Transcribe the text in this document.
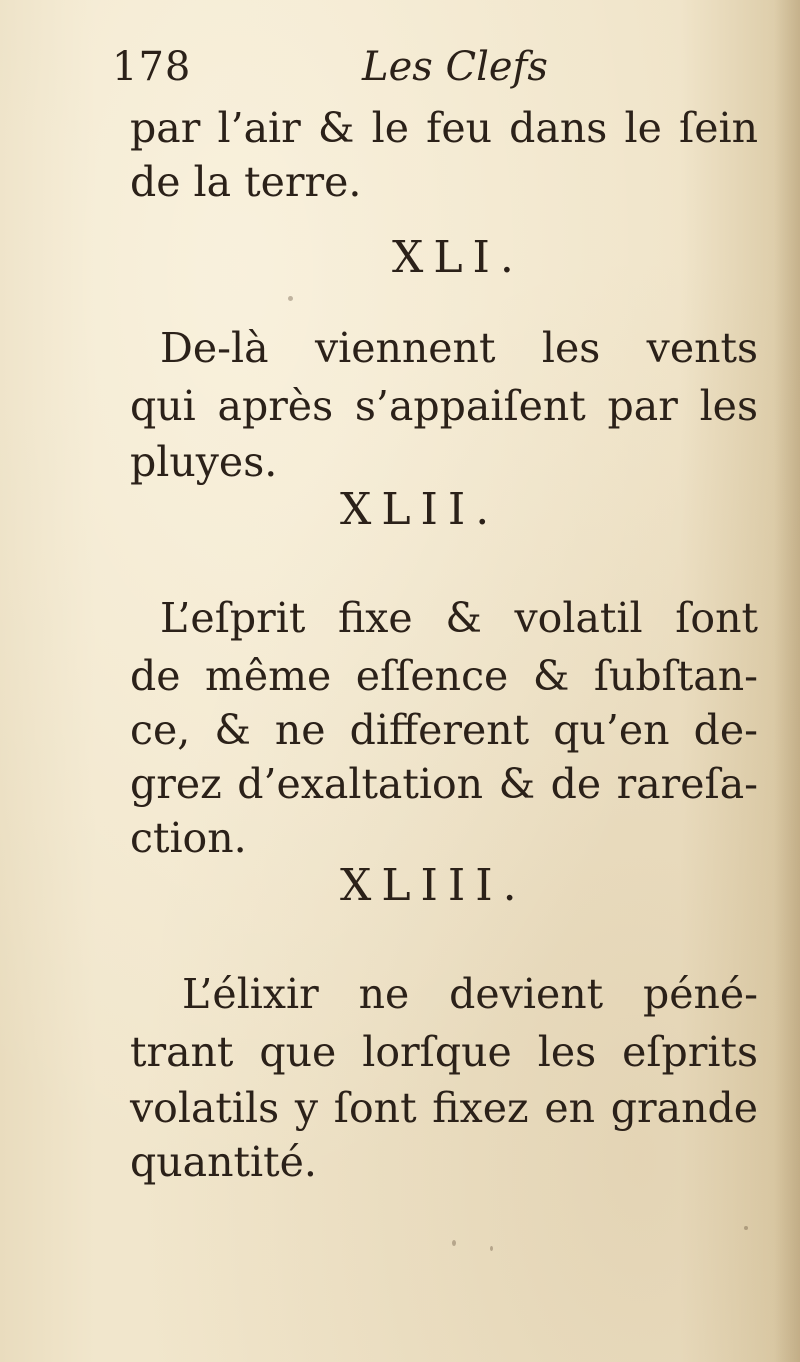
178	Les Clefs
par l’air & le feu dans le ſein
de la terre.
XLI.
De-là viennent les vents
qui après s’appaiſent par les
pluyes.
XLII.
L’eſprit fixe & volatil ſont
de même eſſence & ſubſtan-
ce, & ne different qu’en de-
grez d’exaltation & de rareſa-
ction.
XLIII.
L’élixir ne devient péné-
trant que lorſque les eſprits
volatils y ſont fixez en grande
quantité.
